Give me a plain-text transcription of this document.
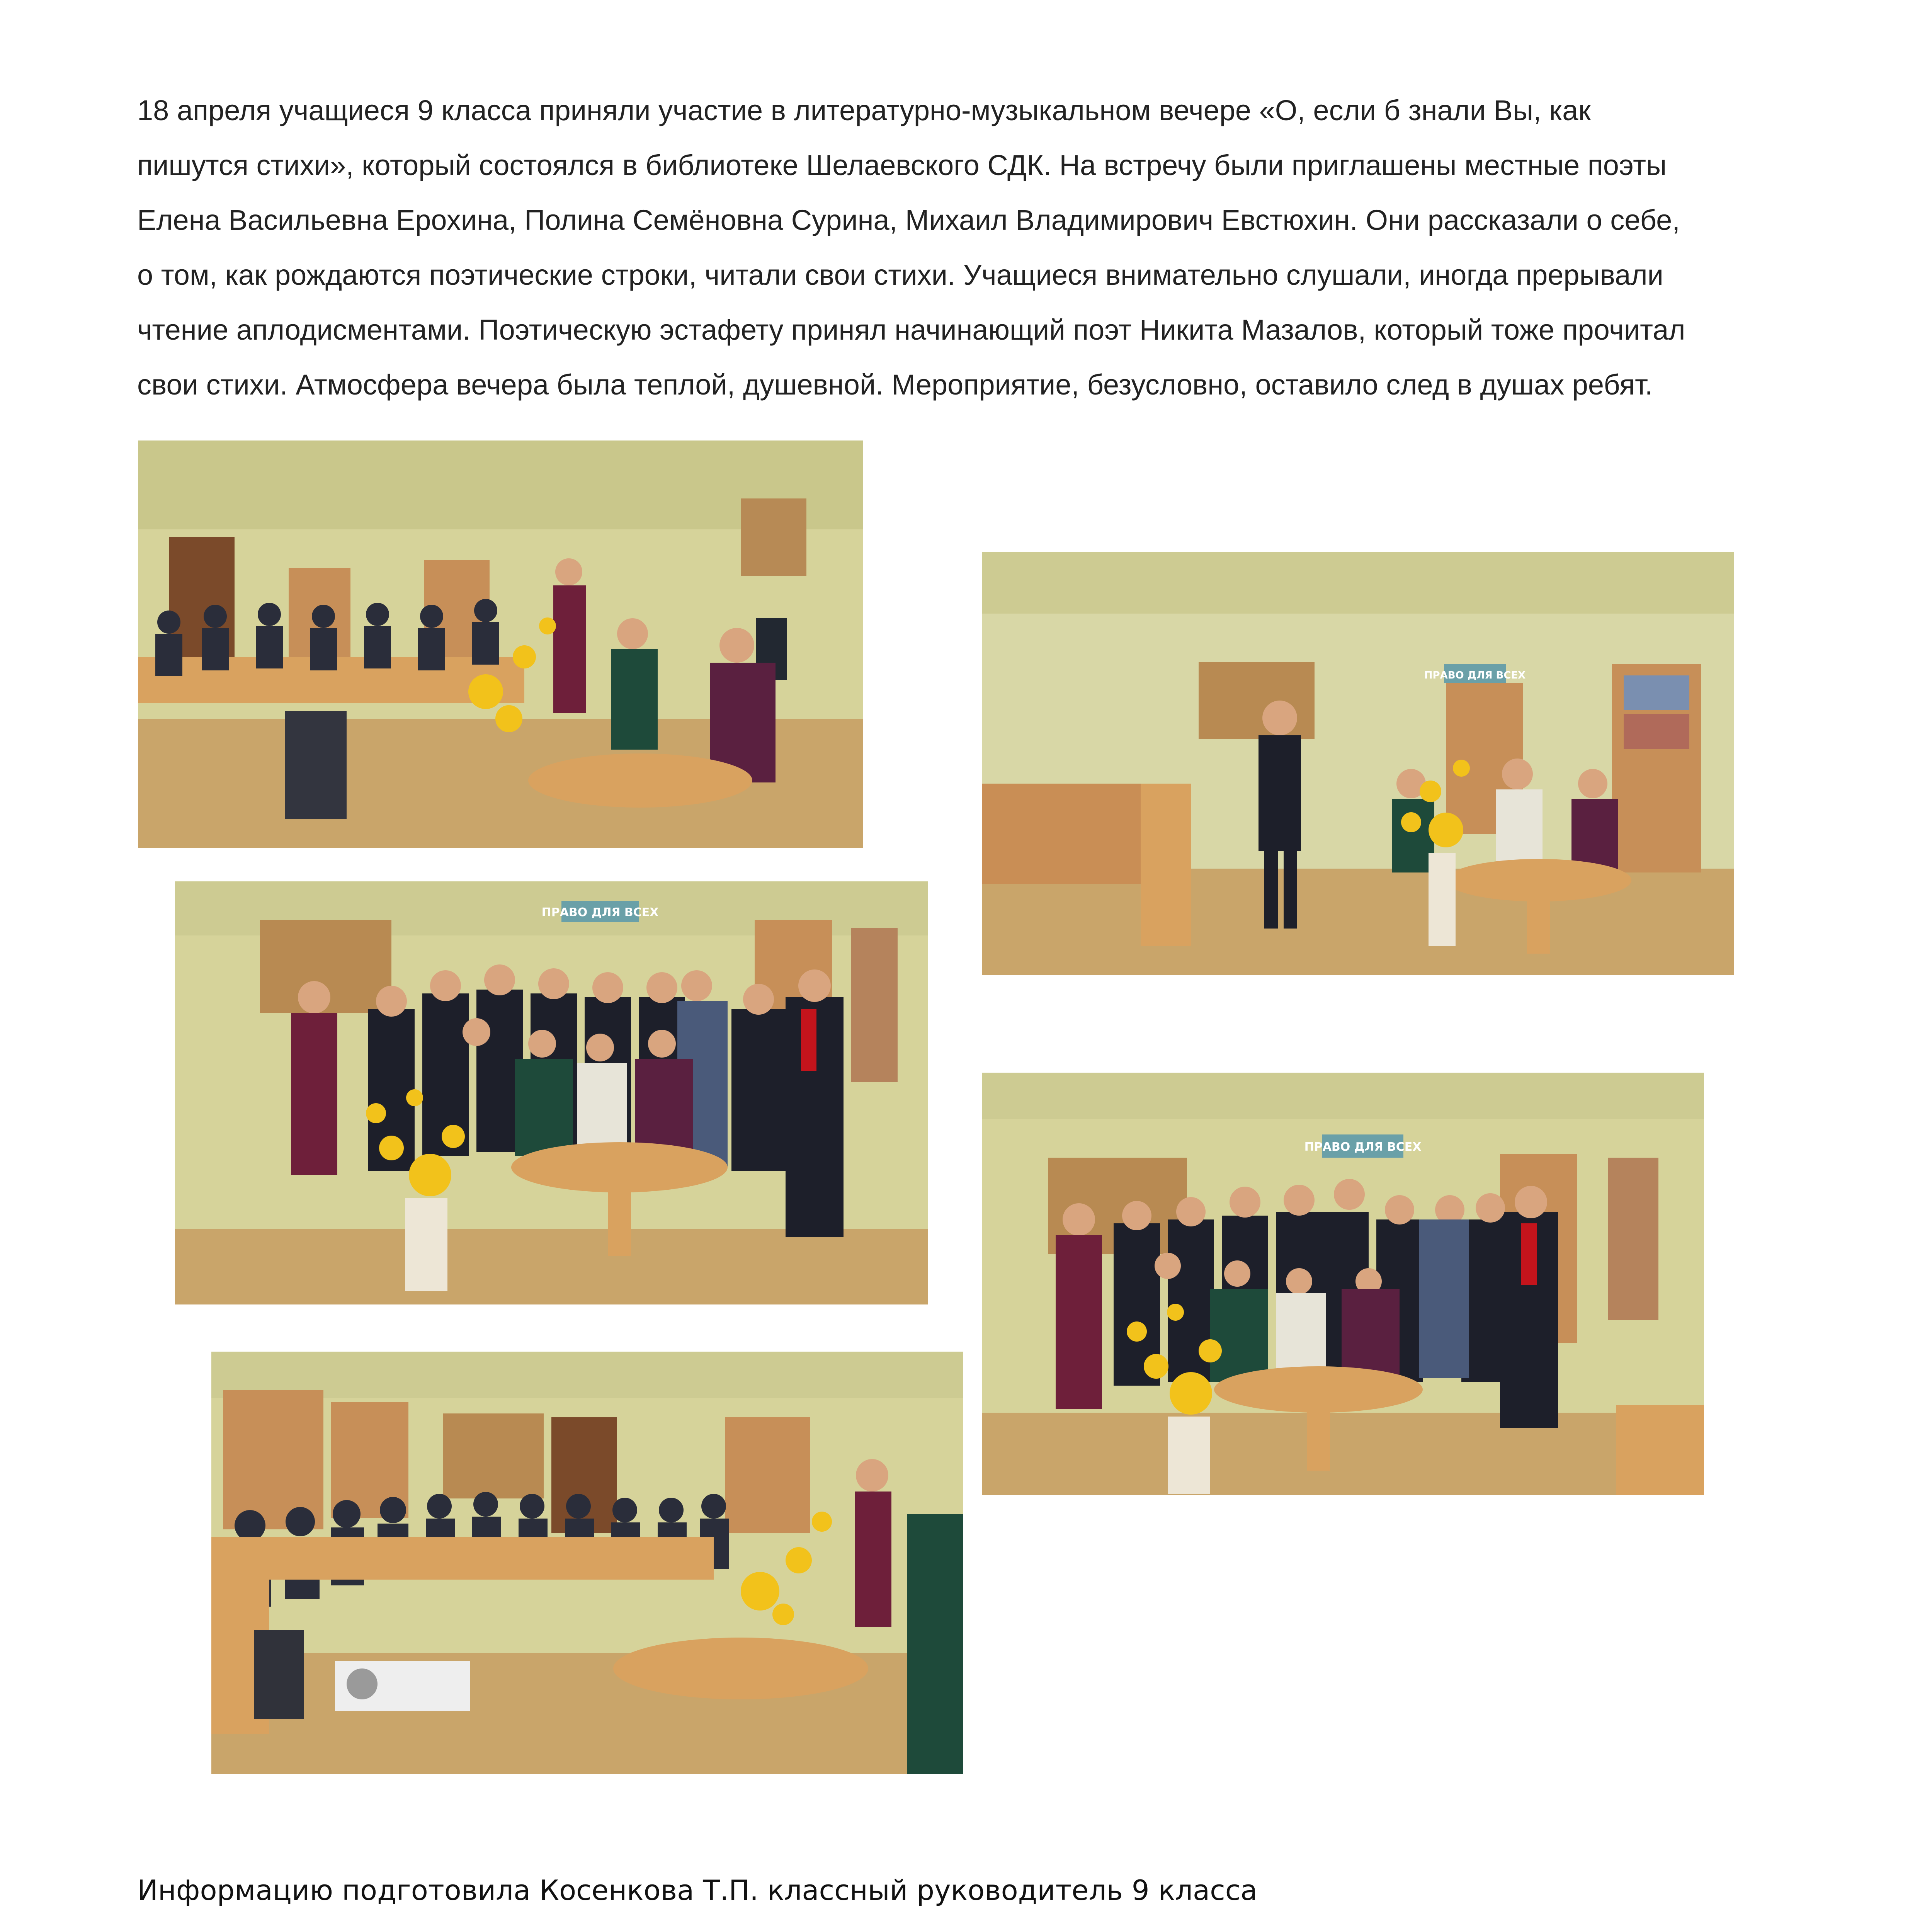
18 апреля учащиеся 9 класса приняли участие в литературно-музыкальном вечере «О, если б знали Вы, как
пишутся стихи», который состоялся в библиотеке Шелаевского СДК. На встречу были приглашены местные поэты
Елена Васильевна Ерохина, Полина Семёновна Сурина, Михаил Владимирович Евстюхин. Они рассказали о себе,
о том, как рождаются поэтические строки, читали свои стихи. Учащиеся внимательно слушали, иногда прерывали
чтение аплодисментами. Поэтическую эстафету принял начинающий поэт Никита Мазалов, который тоже прочитал
свои стихи. Атмосфера вечера была теплой, душевной. Мероприятие, безусловно, оставило след в душах ребят.
ПРАВО ДЛЯ ВСЕХ
ПРАВО ДЛЯ ВСЕХ
ПРАВО ДЛЯ ВСЕХ
Информацию подготовила Косенкова Т.П. классный руководитель 9 класса
